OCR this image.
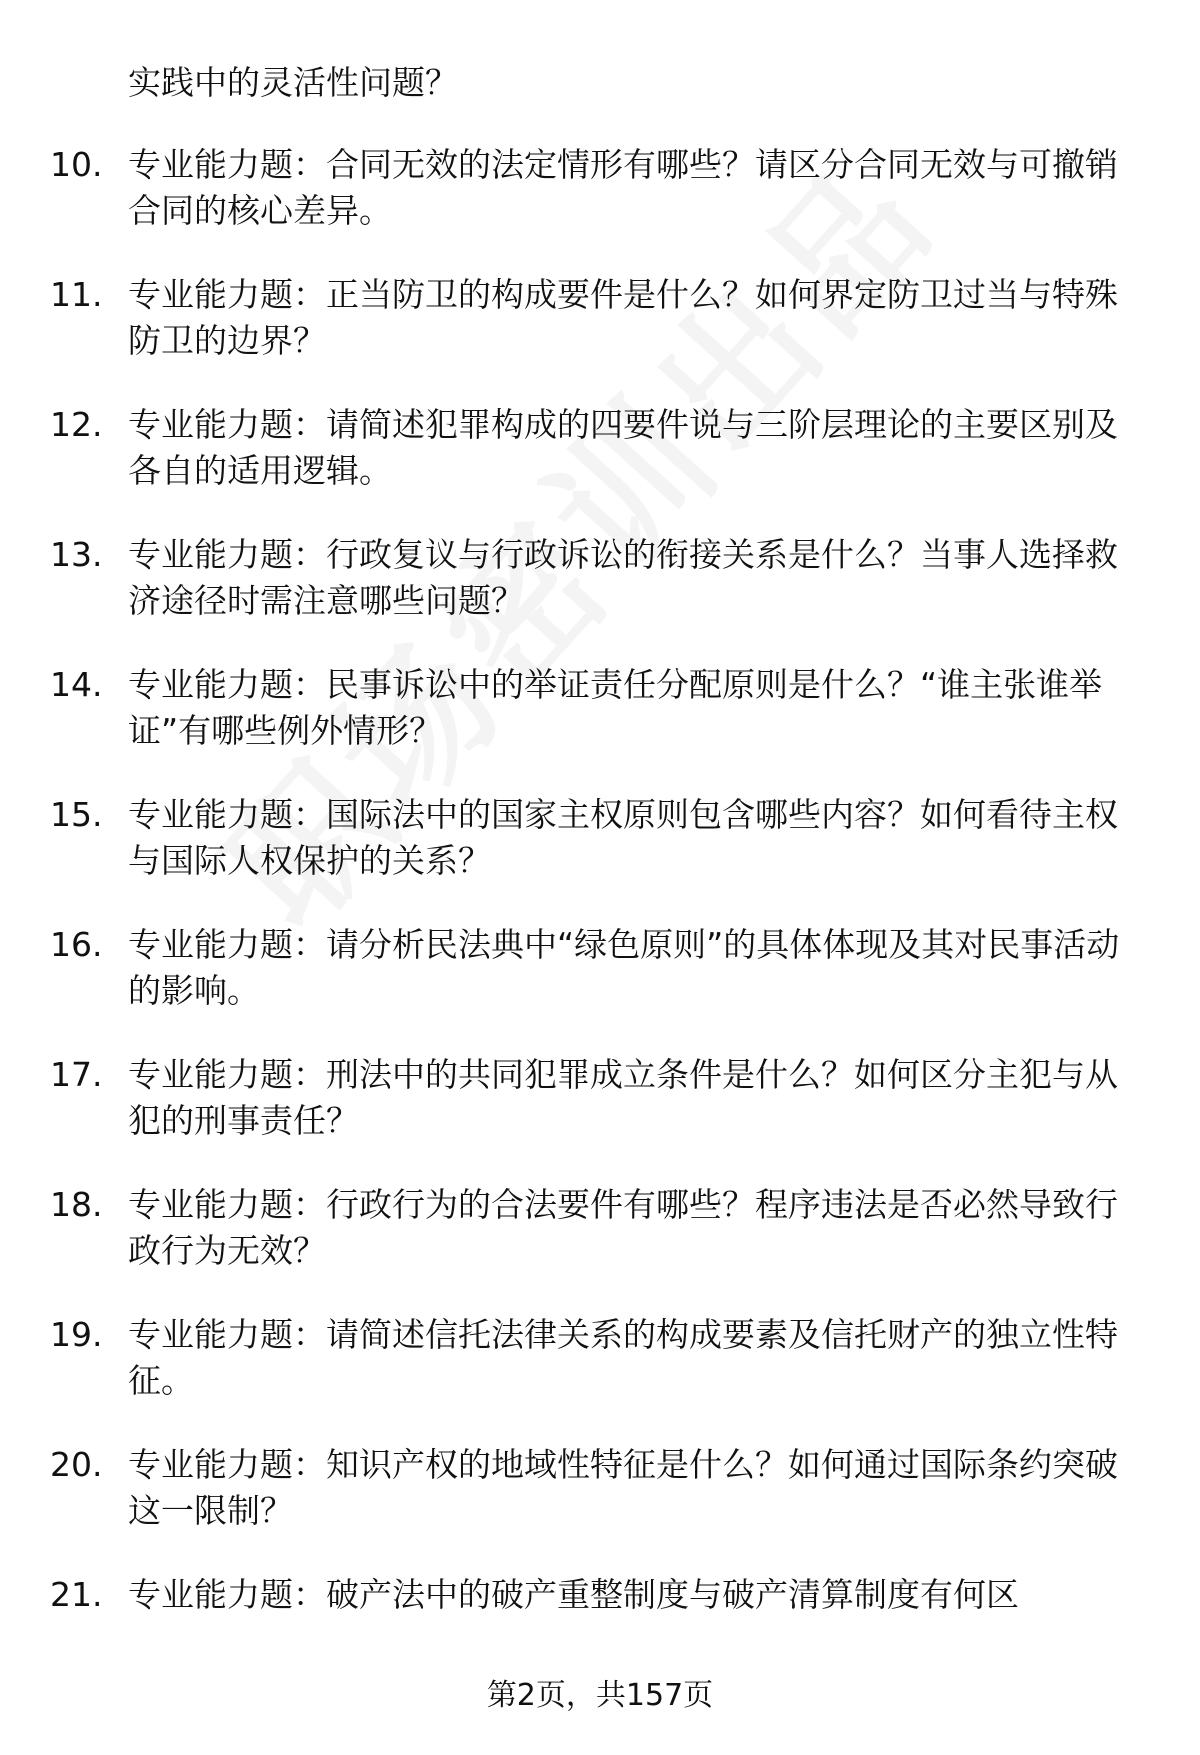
实践中的灵活性问题？
10. 专业能力题：合同无效的法定情形有哪些？请区分合同无效与可撤销合同的核心差异。
11. 专业能力题：正当防卫的构成要件是什么？如何界定防卫过当与特殊防卫的边界？
12. 专业能力题：请简述犯罪构成的四要件说与三阶层理论的主要区别及各自的适用逻辑。
13. 专业能力题：行政复议与行政诉讼的衔接关系是什么？当事人选择救济途径时需注意哪些问题？
14. 专业能力题：民事诉讼中的举证责任分配原则是什么？“谁主张谁举证”有哪些例外情形？
15. 专业能力题：国际法中的国家主权原则包含哪些内容？如何看待主权与国际人权保护的关系？
16. 专业能力题：请分析民法典中“绿色原则”的具体体现及其对民事活动的影响。
17. 专业能力题：刑法中的共同犯罪成立条件是什么？如何区分主犯与从犯的刑事责任？
18. 专业能力题：行政行为的合法要件有哪些？程序违法是否必然导致行政行为无效？
19. 专业能力题：请简述信托法律关系的构成要素及信托财产的独立性特征。
20. 专业能力题：知识产权的地域性特征是什么？如何通过国际条约突破这一限制？
21. 专业能力题：破产法中的破产重整制度与破产清算制度有何区
第2页，共157页
